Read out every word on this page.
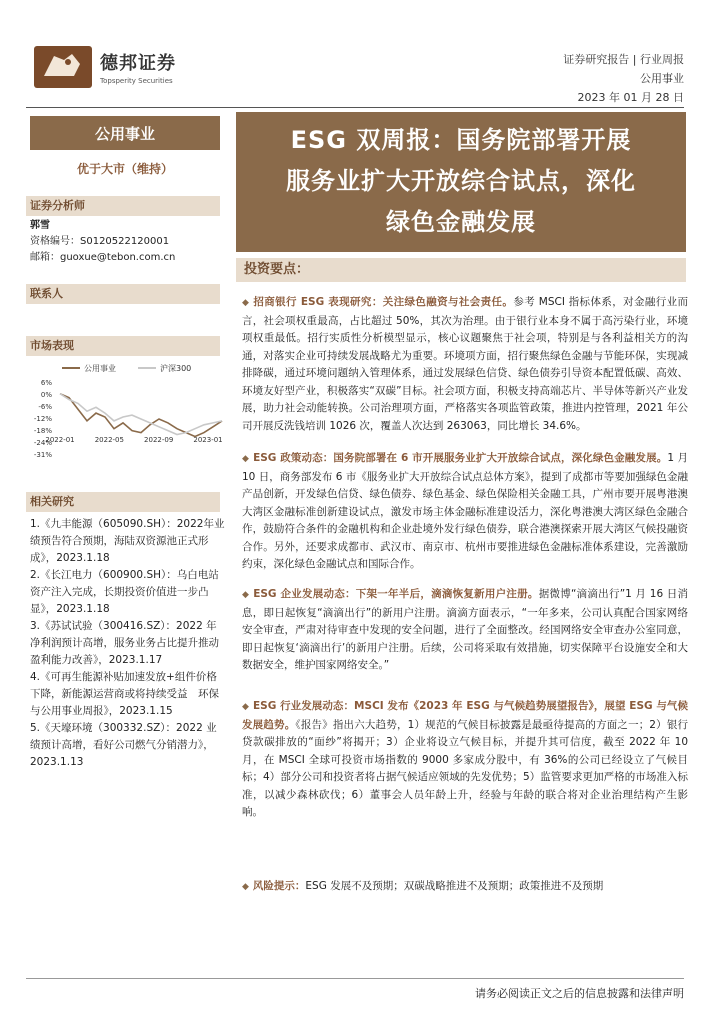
德邦证券
Topsperity Securities
证券研究报告 | 行业周报
公用事业
2023 年 01 月 28 日
公用事业
优于大市（维持）
证券分析师
郭雪
资格编号：S0120522120001
邮箱：guoxue@tebon.com.cn
联系人
市场表现
6%
0%
-6%
-12%
-18%
-24%
-31%
2022-01	2022-05	2022-09	2023-01
公用事业	沪深300
相关研究
1.《九丰能源（605090.SH）：2022年业绩预告符合预期，海陆双资源池正式形成》，2023.1.18
2.《长江电力（600900.SH）：乌白电站资产注入完成，长期投资价值进一步凸显》，2023.1.18
3.《苏试试验（300416.SZ）：2022 年净利润预计高增，服务业务占比提升推动盈利能力改善》，2023.1.17
4.《可再生能源补贴加速发放+组件价格下降，新能源运营商或将持续受益　环保与公用事业周报》，2023.1.15
5.《天壕环境（300332.SZ）：2022 业绩预计高增，看好公司燃气分销潜力》，2023.1.13
ESG 双周报：国务院部署开展
服务业扩大开放综合试点，深化
绿色金融发展
投资要点：
◆ 招商银行 ESG 表现研究：关注绿色融资与社会责任。参考 MSCI 指标体系，对金融行业而言，社会项权重最高，占比超过 50%，其次为治理。由于银行业本身不属于高污染行业，环境项权重最低。招行实质性分析模型显示，核心议题聚焦于社会项，特别是与各利益相关方的沟通，对落实企业可持续发展战略尤为重要。环境项方面，招行聚焦绿色金融与节能环保，实现减排降碳，通过环境问题纳入管理体系，通过发展绿色信贷、绿色债券引导资本配置低碳、高效、环境友好型产业，积极落实“双碳”目标。社会项方面，积极支持高端芯片、半导体等新兴产业发展，助力社会动能转换。公司治理项方面，严格落实各项监管政策，推进内控管理，2021 年公司开展反洗钱培训 1026 次，覆盖人次达到 263063，同比增长 34.6%。
◆ ESG 政策动态：国务院部署在 6 市开展服务业扩大开放综合试点，深化绿色金融发展。1 月 10 日，商务部发布 6 市《服务业扩大开放综合试点总体方案》，提到了成都市等要加强绿色金融产品创新，开发绿色信贷、绿色债券、绿色基金、绿色保险相关金融工具，广州市要开展粤港澳大湾区金融标准创新建设试点，激发市场主体金融标准建设活力，深化粤港澳大湾区绿色金融合作，鼓励符合条件的金融机构和企业赴境外发行绿色债券，联合港澳探索开展大湾区气候投融资合作。另外，还要求成都市、武汉市、南京市、杭州市要推进绿色金融标准体系建设，完善激励约束，深化绿色金融试点和国际合作。
◆ ESG 企业发展动态：下架一年半后，滴滴恢复新用户注册。据微博“滴滴出行”1 月 16 日消息，即日起恢复“滴滴出行”的新用户注册。滴滴方面表示，“一年多来，公司认真配合国家网络安全审查，严肃对待审查中发现的安全问题，进行了全面整改。经国网络安全审查办公室同意，即日起恢复‘滴滴出行’的新用户注册。后续，公司将采取有效措施，切实保障平台设施安全和大数据安全，维护国家网络安全。”
◆ ESG 行业发展动态：MSCI 发布《2023 年 ESG 与气候趋势展望报告》，展望 ESG 与气候发展趋势。《报告》指出六大趋势，1）规范的气候目标披露是最亟待提高的方面之一；2）银行贷款碳排放的“面纱”将揭开；3）企业将设立气候目标，并提升其可信度，截至 2022 年 10 月，在 MSCI 全球可投资市场指数的 9000 多家成分股中，有 36%的公司已经设立了气候目标；4）部分公司和投资者将占据气候适应领域的先发优势；5）监管要求更加严格的市场准入标准，以减少森林砍伐；6）董事会人员年龄上升，经验与年龄的联合将对企业治理结构产生影响。
◆ 风险提示：ESG 发展不及预期；双碳战略推进不及预期；政策推进不及预期
请务必阅读正文之后的信息披露和法律声明
